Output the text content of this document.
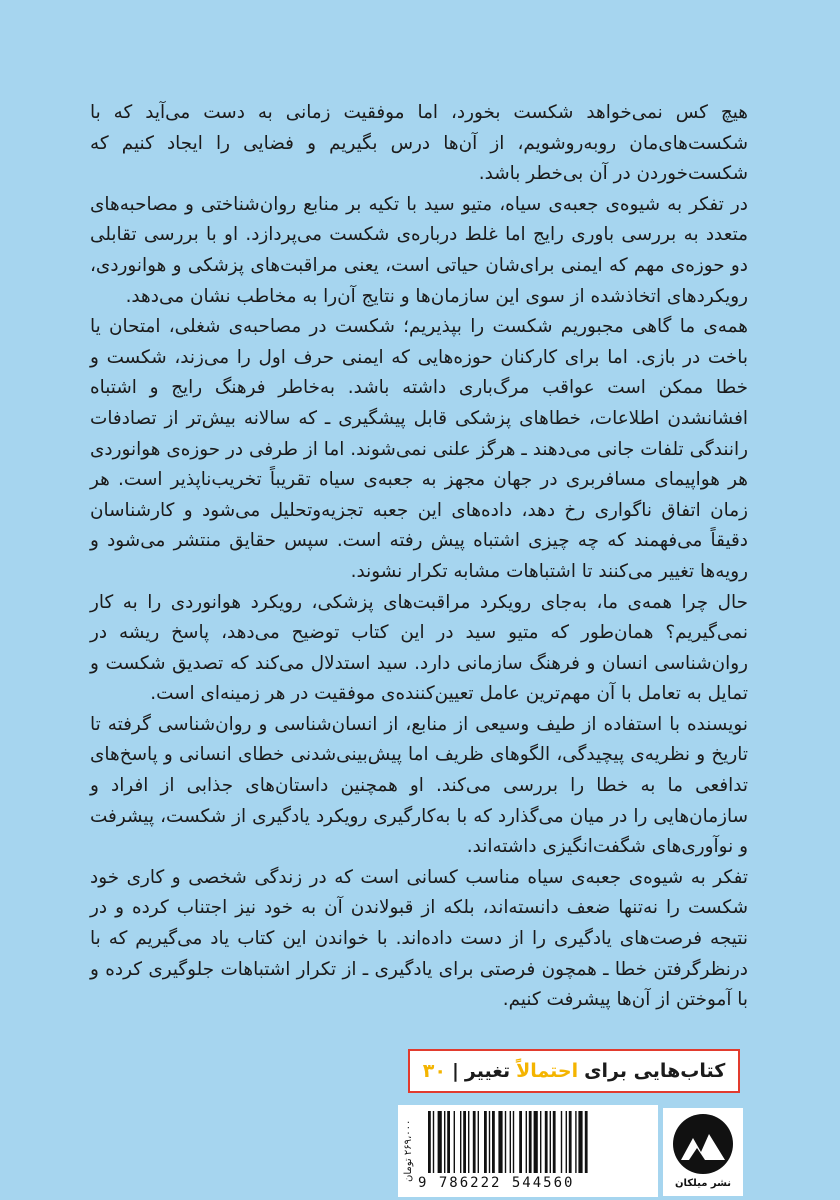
هیچ کس نمی‌خواهد شکست بخورد، اما موفقیت زمانی به دست می‌آید که با شکست‌های‌مان روبه‌روشویم، از آن‌ها درس بگیریم و فضایی را ایجاد کنیم که شکست‌خوردن در آن بی‌خطر باشد.

در تفکر به شیوه‌ی جعبه‌ی سیاه، متیو سید با تکیه بر منابع روان‌شناختی و مصاحبه‌های متعدد به بررسی باوری رایج اما غلط درباره‌ی شکست می‌پردازد. او با بررسی تقابلی دو حوزه‌ی مهم که ایمنی برای‌شان حیاتی است، یعنی مراقبت‌های پزشکی و هوانوردی، رویکردهای اتخاذشده از سوی این سازمان‌ها و نتایج آن‌را به مخاطب نشان می‌دهد.

همه‌ی ما گاهی مجبوریم شکست را بپذیریم؛ شکست در مصاحبه‌ی شغلی، امتحان یا باخت در بازی. اما برای کارکنان حوزه‌هایی که ایمنی حرف اول را می‌زند، شکست و خطا ممکن است عواقب مرگ‌باری داشته باشد. به‌خاطر فرهنگ رایج و اشتباه افشانشدن اطلاعات، خطاهای پزشکی قابل پیشگیری ـ که سالانه بیش‌تر از تصادفات رانندگی تلفات جانی می‌دهند ـ هرگز علنی نمی‌شوند. اما از طرفی در حوزه‌ی هوانوردی هر هواپیمای مسافربری در جهان مجهز به جعبه‌ی سیاه تقریباً تخریب‌ناپذیر است. هر زمان اتفاق ناگواری رخ دهد، داده‌های این جعبه تجزیه‌وتحلیل می‌شود و کارشناسان دقیقاً می‌فهمند که چه چیزی اشتباه پیش رفته است. سپس حقایق منتشر می‌شود و رویه‌ها تغییر می‌کنند تا اشتباهات مشابه تکرار نشوند.

حال چرا همه‌ی ما، به‌جای رویکرد مراقبت‌های پزشکی، رویکرد هوانوردی را به کار نمی‌گیریم؟ همان‌طور که متیو سید در این کتاب توضیح می‌دهد، پاسخ ریشه در روان‌شناسی انسان و فرهنگ سازمانی دارد. سید استدلال می‌کند که تصدیق شکست و تمایل به تعامل با آن مهم‌ترین عامل تعیین‌کننده‌ی موفقیت در هر زمینه‌ای است.

نویسنده با استفاده از طیف وسیعی از منابع، از انسان‌شناسی و روان‌شناسی گرفته تا تاریخ و نظریه‌ی پیچیدگی، الگوهای ظریف اما پیش‌بینی‌شدنی خطای انسانی و پاسخ‌های تدافعی ما به خطا را بررسی می‌کند. او همچنین داستان‌های جذابی از افراد و سازمان‌هایی را در میان می‌گذارد که با به‌کارگیری رویکرد یادگیری از شکست، پیشرفت و نوآوری‌های شگفت‌انگیزی داشته‌اند.

تفکر به شیوه‌ی جعبه‌ی سیاه مناسب کسانی است که در زندگی شخصی و کاری خود شکست را نه‌تنها ضعف دانسته‌اند، بلکه از قبولاندن آن به خود نیز اجتناب کرده و در نتیجه فرصت‌های یادگیری را از دست داده‌اند. با خواندن این کتاب یاد می‌گیریم که با درنظرگرفتن خطا ـ همچون فرصتی برای یادگیری ـ از تکرار اشتباهات جلوگیری کرده و با آموختن از آن‌ها پیشرفت کنیم.

کتاب‌هایی برای
احتمالاً
تغییر
|
۳۰
9 786222 544560
۲۶۹،۰۰۰ تومان
نشر میلکان
